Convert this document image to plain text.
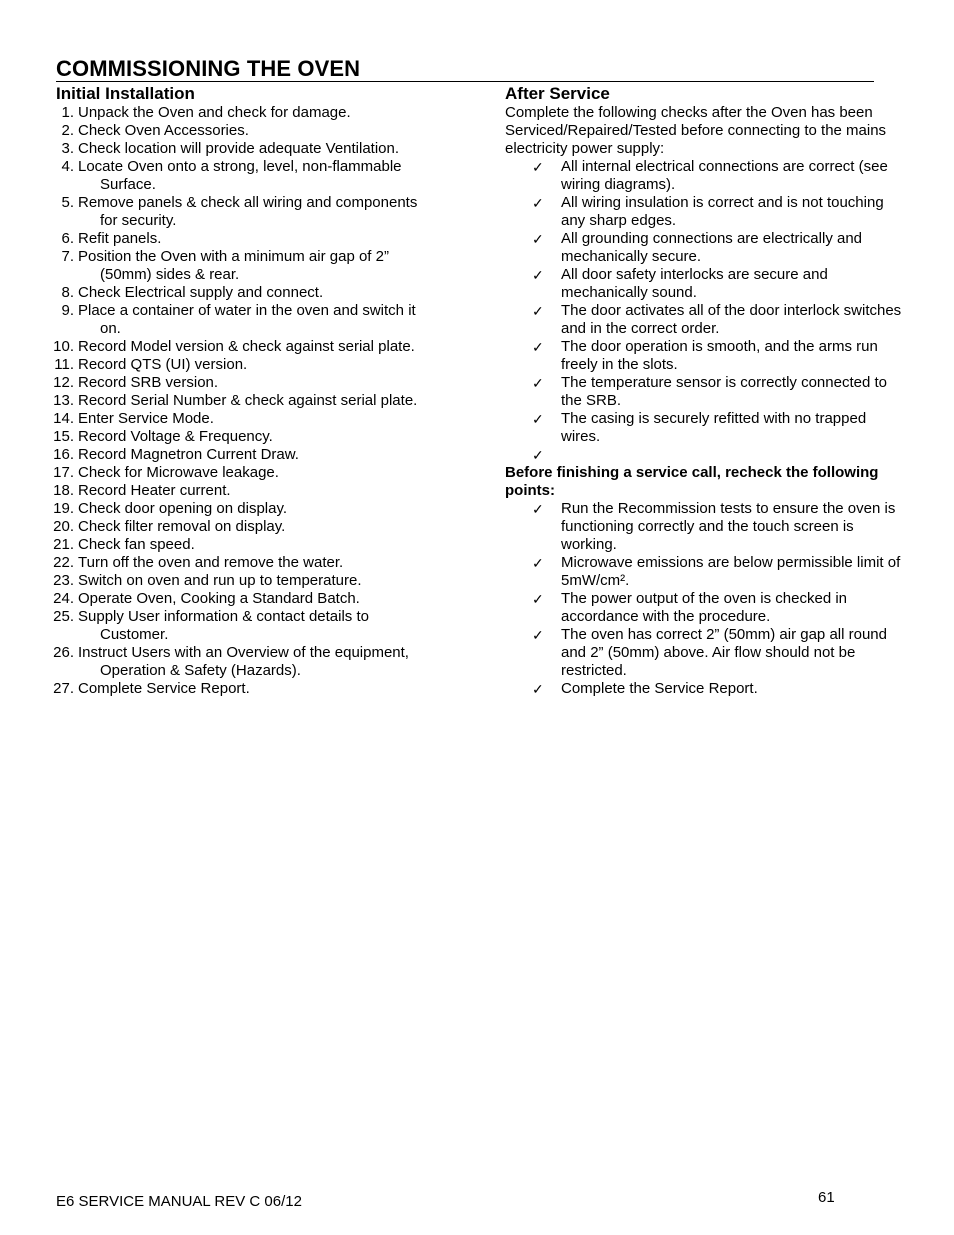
COMMISSIONING THE OVEN
Initial Installation	After Service
1. Unpack the Oven and check for damage.
2. Check Oven Accessories.
3. Check location will provide adequate Ventilation.
4. Locate Oven onto a strong, level, non-flammable
Surface.
5. Remove panels & check all wiring and components
for security.
6. Refit panels.
7. Position the Oven with a minimum air gap of 2”
(50mm) sides & rear.
8. Check Electrical supply and connect.
9. Place a container of water in the oven and switch it
on.
10. Record Model version & check against serial plate.
11. Record QTS (UI) version.
12. Record SRB version.
13. Record Serial Number & check against serial plate.
14. Enter Service Mode.
15. Record Voltage & Frequency.
16. Record Magnetron Current Draw.
17. Check for Microwave leakage.
18. Record Heater current.
19. Check door opening on display.
20. Check filter removal on display.
21. Check fan speed.
22. Turn off the oven and remove the water.
23. Switch on oven and run up to temperature.
24. Operate Oven, Cooking a Standard Batch.
25. Supply User information & contact details to
Customer.
26. Instruct Users with an Overview of the equipment,
Operation & Safety (Hazards).
27. Complete Service Report.
Complete the following checks after the Oven has been Serviced/Repaired/Tested before connecting to the mains electricity power supply:
✓ All internal electrical connections are correct (see wiring diagrams).
✓ All wiring insulation is correct and is not touching any sharp edges.
✓ All grounding connections are electrically and mechanically secure.
✓ All door safety interlocks are secure and mechanically sound.
✓ The door activates all of the door interlock switches and in the correct order.
✓ The door operation is smooth, and the arms run freely in the slots.
✓ The temperature sensor is correctly connected to the SRB.
✓ The casing is securely refitted with no trapped wires.
✓
Before finishing a service call, recheck the following points:
✓ Run the Recommission tests to ensure the oven is functioning correctly and the touch screen is working.
✓ Microwave emissions are below permissible limit of 5mW/cm².
✓ The power output of the oven is checked in accordance with the procedure.
✓ The oven has correct 2” (50mm) air gap all round and 2” (50mm) above. Air flow should not be restricted.
✓ Complete the Service Report.
E6 SERVICE MANUAL REV C 06/12	61
